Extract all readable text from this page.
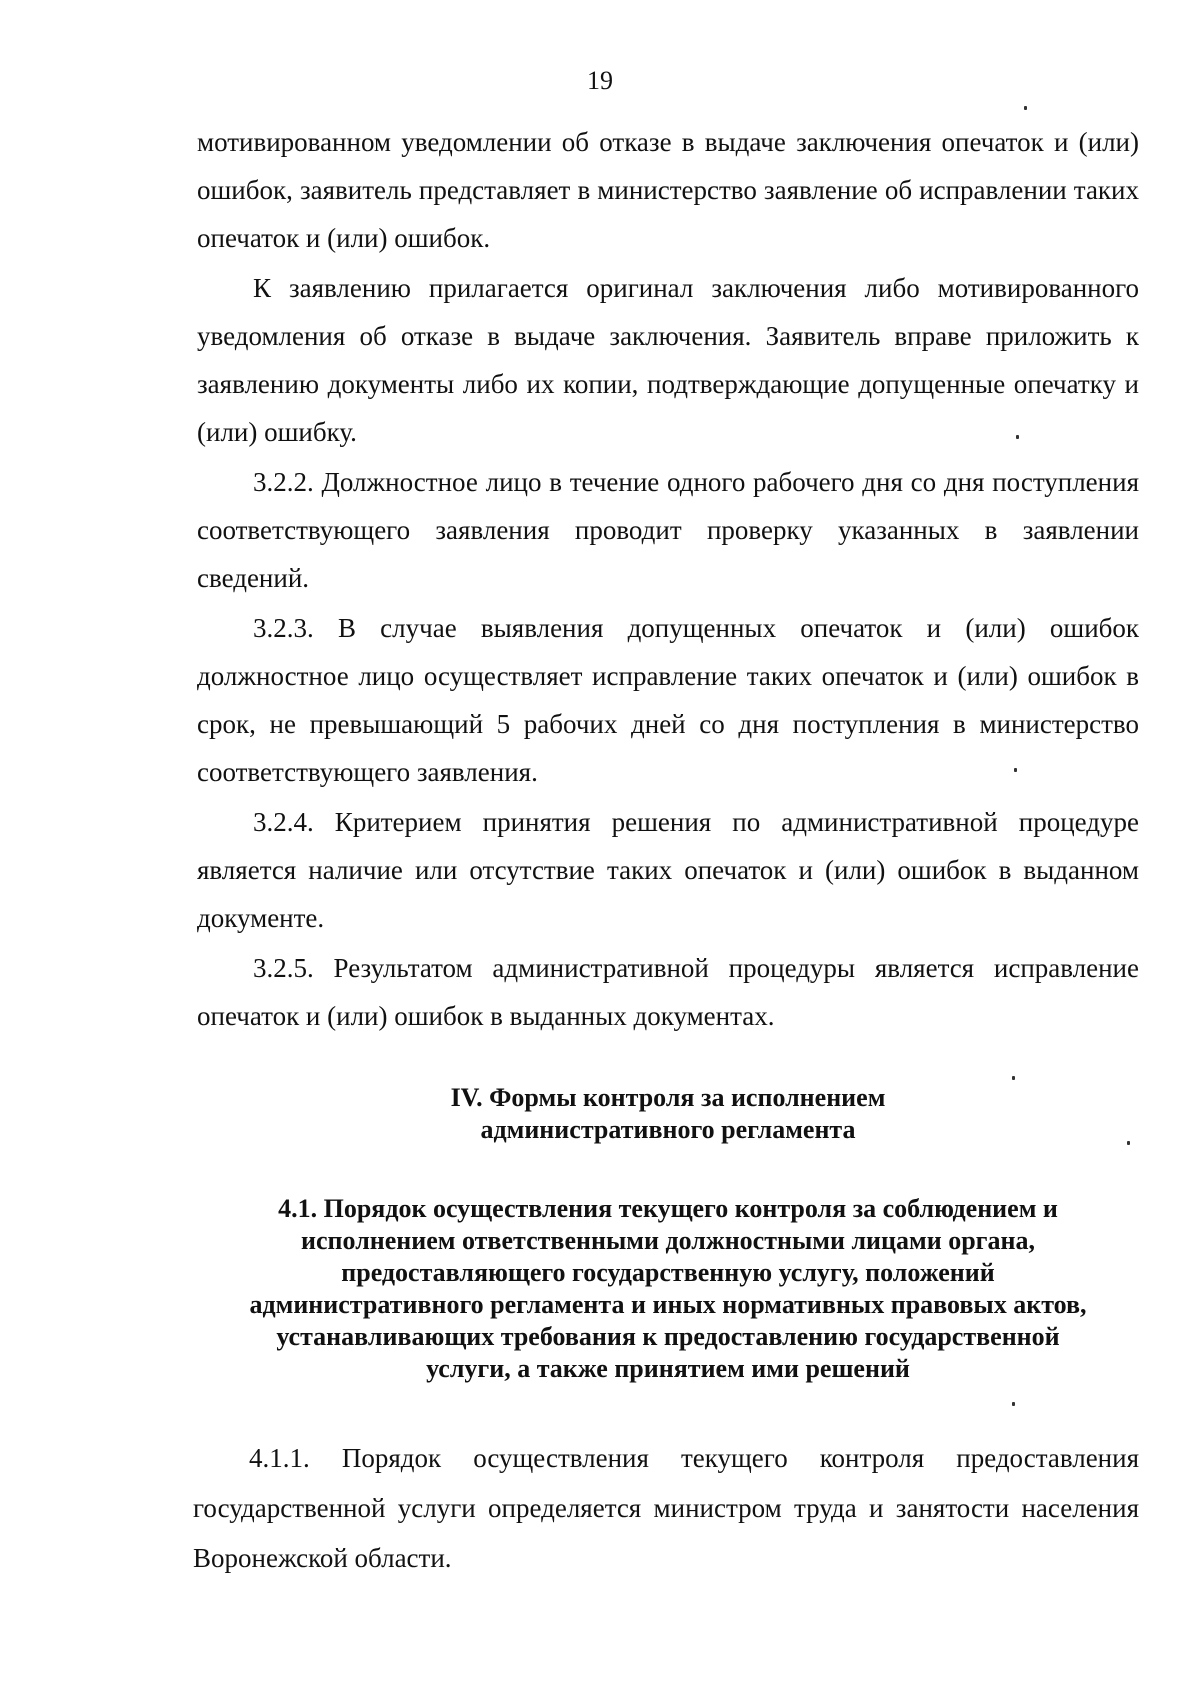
19

мотивированном уведомлении об отказе в выдаче заключения опечаток и (или) ошибок, заявитель представляет в министерство заявление об исправлении таких опечаток и (или) ошибок.

К заявлению прилагается оригинал заключения либо мотивированного уведомления об отказе в выдаче заключения. Заявитель вправе приложить к заявлению документы либо их копии, подтверждающие допущенные опечатку и (или) ошибку.

3.2.2. Должностное лицо в течение одного рабочего дня со дня поступления соответствующего заявления проводит проверку указанных в заявлении сведений.

3.2.3. В случае выявления допущенных опечаток и (или) ошибок должностное лицо осуществляет исправление таких опечаток и (или) ошибок в срок, не превышающий 5 рабочих дней со дня поступления в министерство соответствующего заявления.

3.2.4. Критерием принятия решения по административной процедуре является наличие или отсутствие таких опечаток и (или) ошибок в выданном документе.

3.2.5. Результатом административной процедуры является исправление опечаток и (или) ошибок в выданных документах.

IV. Формы контроля за исполнением

административного регламента

4.1. Порядок осуществления текущего контроля за соблюдением и

исполнением ответственными должностными лицами органа,

предоставляющего государственную услугу, положений

административного регламента и иных нормативных правовых актов,

устанавливающих требования к предоставлению государственной

услуги, а также принятием ими решений

4.1.1. Порядок осуществления текущего контроля предоставления государственной услуги определяется министром труда и занятости населения Воронежской области.
